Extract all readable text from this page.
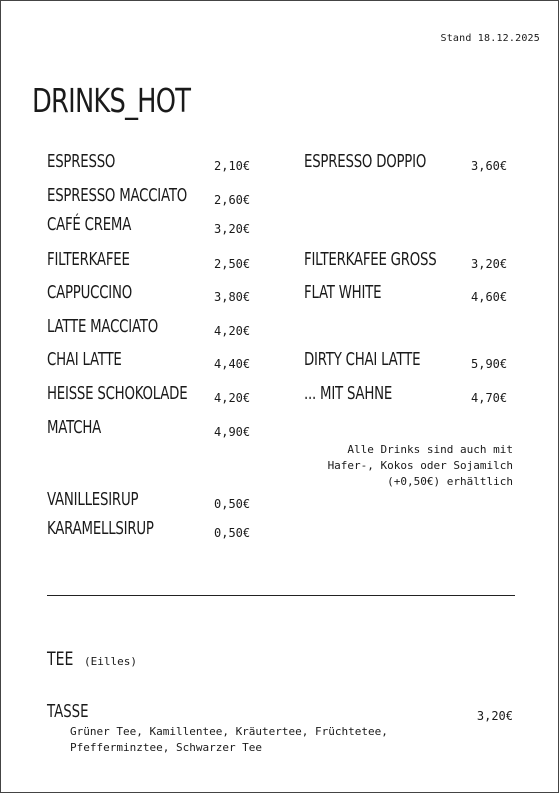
Stand 18.12.2025
DRINKS_HOT
ESPRESSO	2,10€
ESPRESSO MACCIATO 2,60€
CAFÉ CREMA	3,20€
FILTERKAFEE	2,50€
CAPPUCCINO	3,80€
LATTE MACCIATO	4,20€
CHAI LATTE	4,40€
HEISSE SCHOKOLADE 4,20€
MATCHA	4,90€
VANILLESIRUP	0,50€
KARAMELLSIRUP	0,50€
ESPRESSO DOPPIO	3,60€
FILTERKAFEE GROSS	3,20€
FLAT WHITE	4,60€
DIRTY CHAI LATTE	5,90€
... MIT SAHNE	4,70€
Alle Drinks sind auch mit
Hafer-, Kokos oder Sojamilch
(+0,50€) erhältlich
TEE (Eilles)
TASSE	3,20€
Grüner Tee, Kamillentee, Kräutertee, Früchtetee,
Pfefferminztee, Schwarzer Tee
